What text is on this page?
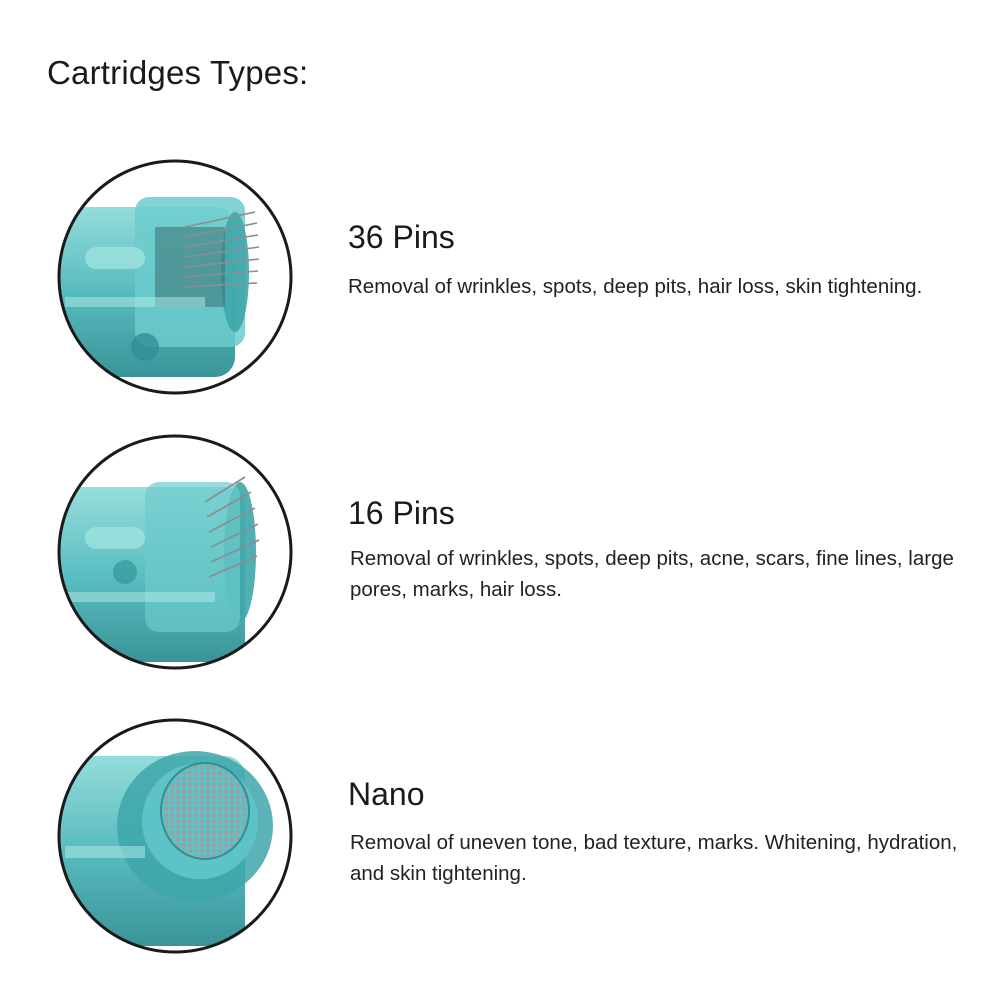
Cartridges Types:
36 Pins

Removal of wrinkles, spots, deep pits, hair loss, skin tightening.

16 Pins

Removal of wrinkles, spots, deep pits, acne, scars, fine lines, large pores, marks, hair loss.

Nano

Removal of uneven tone, bad texture, marks. Whitening, hydration, and skin tightening.
